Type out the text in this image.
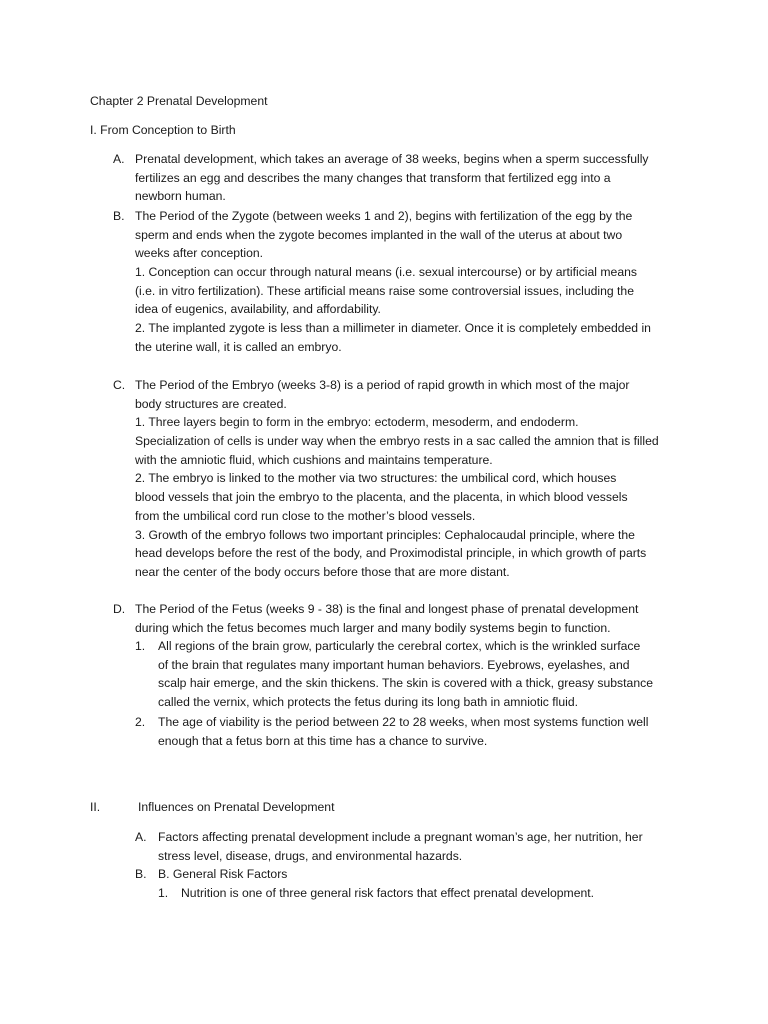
Chapter 2 Prenatal Development
I. From Conception to Birth
A. Prenatal development, which takes an average of 38 weeks, begins when a sperm successfully
fertilizes an egg and describes the many changes that transform that fertilized egg into a
newborn human.
B. The Period of the Zygote (between weeks 1 and 2), begins with fertilization of the egg by the
sperm and ends when the zygote becomes implanted in the wall of the uterus at about two
weeks after conception.
1. Conception can occur through natural means (i.e. sexual intercourse) or by artificial means
(i.e. in vitro fertilization). These artificial means raise some controversial issues, including the
idea of eugenics, availability, and affordability.
2. The implanted zygote is less than a millimeter in diameter. Once it is completely embedded in
the uterine wall, it is called an embryo.
C. The Period of the Embryo (weeks 3-8) is a period of rapid growth in which most of the major
body structures are created.
1. Three layers begin to form in the embryo: ectoderm, mesoderm, and endoderm.
Specialization of cells is under way when the embryo rests in a sac called the amnion that is filled
with the amniotic fluid, which cushions and maintains temperature.
2. The embryo is linked to the mother via two structures: the umbilical cord, which houses
blood vessels that join the embryo to the placenta, and the placenta, in which blood vessels
from the umbilical cord run close to the mother’s blood vessels.
3. Growth of the embryo follows two important principles: Cephalocaudal principle, where the
head develops before the rest of the body, and Proximodistal principle, in which growth of parts
near the center of the body occurs before those that are more distant.
D. The Period of the Fetus (weeks 9 - 38) is the final and longest phase of prenatal development
during which the fetus becomes much larger and many bodily systems begin to function.
1. All regions of the brain grow, particularly the cerebral cortex, which is the wrinkled surface
of the brain that regulates many important human behaviors. Eyebrows, eyelashes, and
scalp hair emerge, and the skin thickens. The skin is covered with a thick, greasy substance
called the vernix, which protects the fetus during its long bath in amniotic fluid.
2. The age of viability is the period between 22 to 28 weeks, when most systems function well
enough that a fetus born at this time has a chance to survive.
II.	Influences on Prenatal Development
A. Factors affecting prenatal development include a pregnant woman’s age, her nutrition, her
stress level, disease, drugs, and environmental hazards.
B. B. General Risk Factors
1. Nutrition is one of three general risk factors that effect prenatal development.
